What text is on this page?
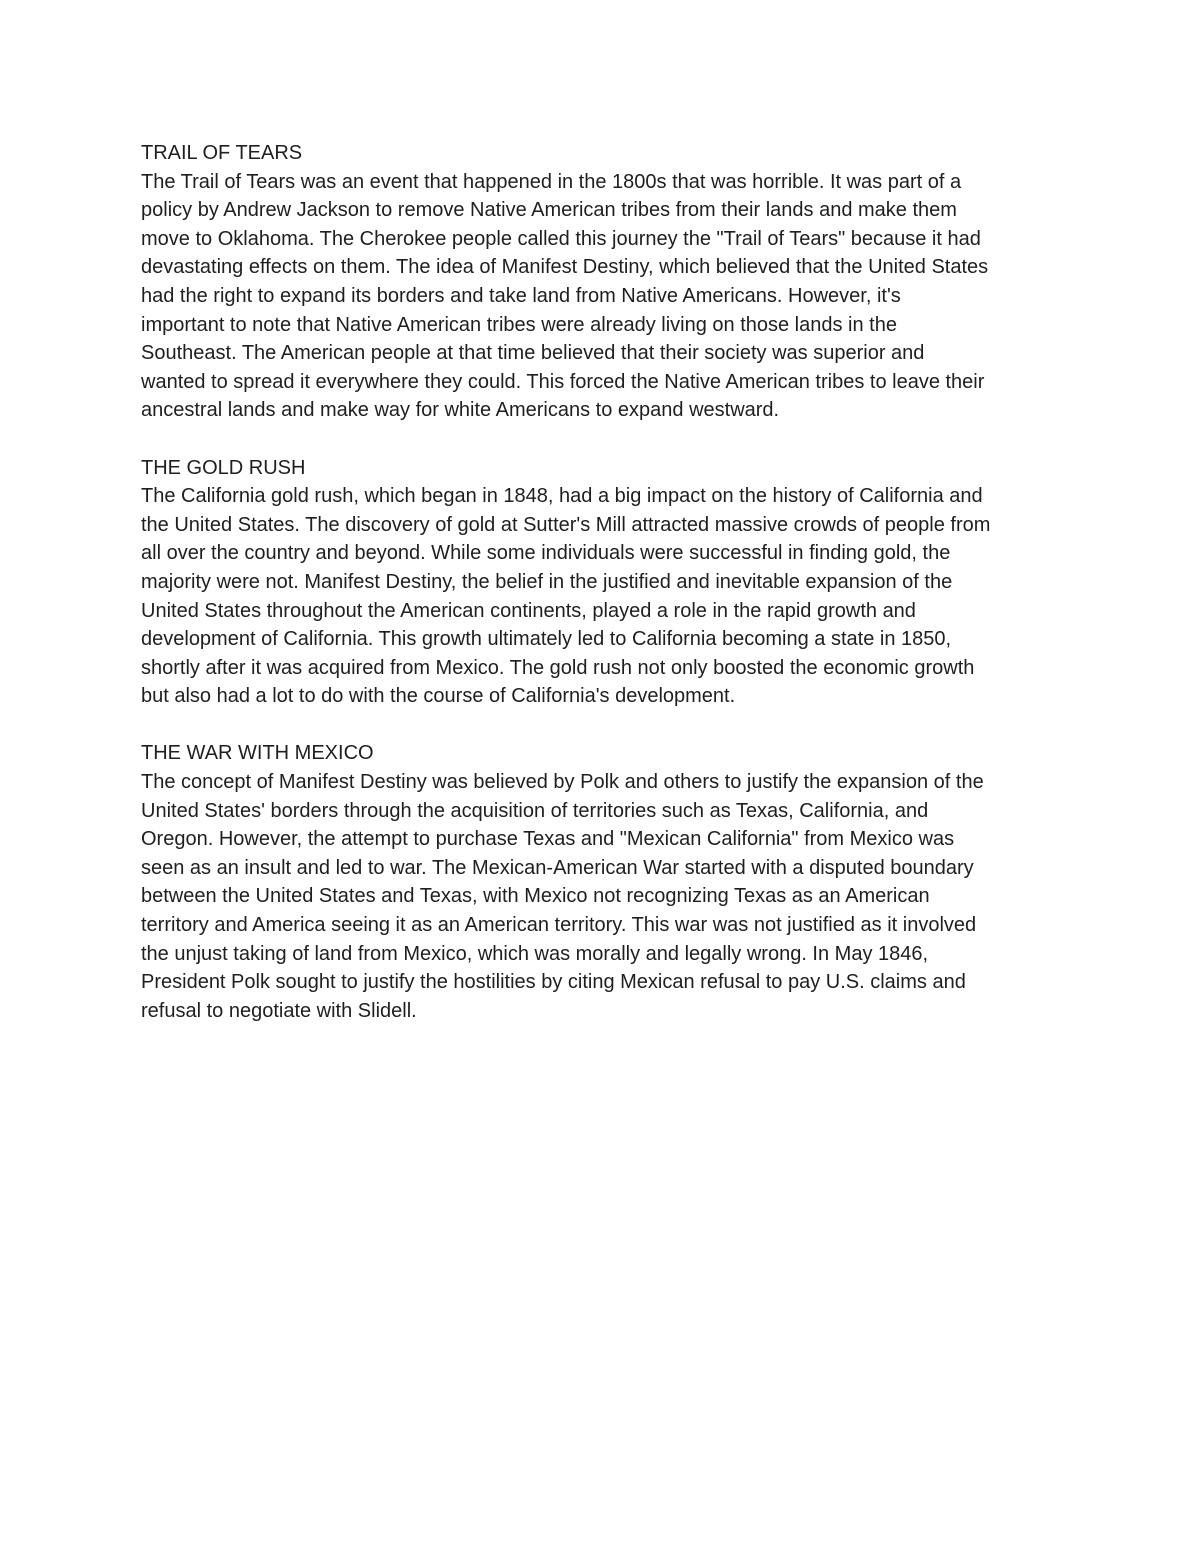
TRAIL OF TEARS
The Trail of Tears was an event that happened in the 1800s that was horrible. It was part of a
policy by Andrew Jackson to remove Native American tribes from their lands and make them
move to Oklahoma. The Cherokee people called this journey the "Trail of Tears" because it had
devastating effects on them. The idea of Manifest Destiny, which believed that the United States
had the right to expand its borders and take land from Native Americans. However, it's
important to note that Native American tribes were already living on those lands in the
Southeast. The American people at that time believed that their society was superior and
wanted to spread it everywhere they could. This forced the Native American tribes to leave their
ancestral lands and make way for white Americans to expand westward.
THE GOLD RUSH
The California gold rush, which began in 1848, had a big impact on the history of California and
the United States. The discovery of gold at Sutter's Mill attracted massive crowds of people from
all over the country and beyond. While some individuals were successful in finding gold, the
majority were not. Manifest Destiny, the belief in the justified and inevitable expansion of the
United States throughout the American continents, played a role in the rapid growth and
development of California. This growth ultimately led to California becoming a state in 1850,
shortly after it was acquired from Mexico. The gold rush not only boosted the economic growth
but also had a lot to do with the course of California's development.
THE WAR WITH MEXICO
The concept of Manifest Destiny was believed by Polk and others to justify the expansion of the
United States' borders through the acquisition of territories such as Texas, California, and
Oregon. However, the attempt to purchase Texas and "Mexican California" from Mexico was
seen as an insult and led to war. The Mexican-American War started with a disputed boundary
between the United States and Texas, with Mexico not recognizing Texas as an American
territory and America seeing it as an American territory. This war was not justified as it involved
the unjust taking of land from Mexico, which was morally and legally wrong. In May 1846,
President Polk sought to justify the hostilities by citing Mexican refusal to pay U.S. claims and
refusal to negotiate with Slidell.
